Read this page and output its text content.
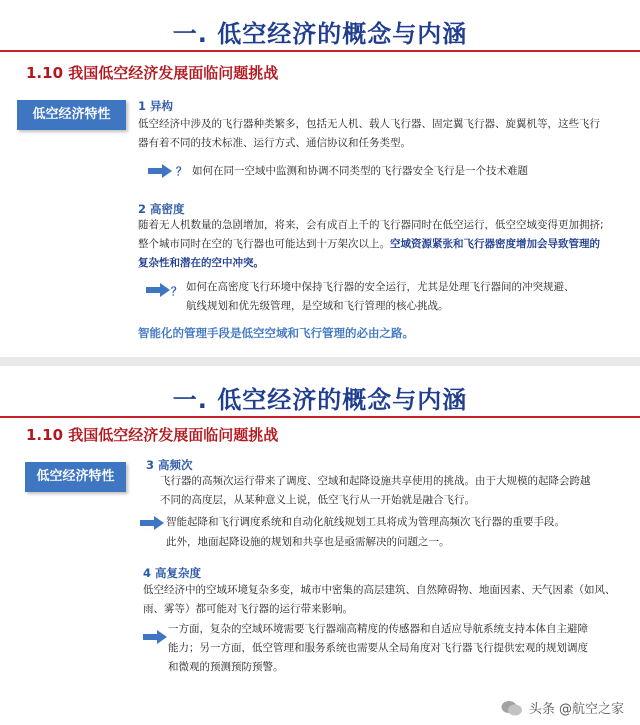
一. 低空经济的概念与内涵
1.10 我国低空经济发展面临问题挑战
低空经济特性
1 异构
低空经济中涉及的飞行器种类繁多，包括无人机、载人飞行器、固定翼飞行器、旋翼机等，这些飞行
器有着不同的技术标准、运行方式、通信协议和任务类型。
？ 如何在同一空域中监测和协调不同类型的飞行器安全飞行是一个技术难题
2 高密度
随着无人机数量的急剧增加，将来，会有成百上千的飞行器同时在低空运行，低空空域变得更加拥挤;
整个城市同时在空的飞行器也可能达到十万架次以上。空域资源紧张和飞行器密度增加会导致管理的
复杂性和潜在的空中冲突。
？ 如何在高密度飞行环境中保持飞行器的安全运行，尤其是处理飞行器间的冲突规避、
航线规划和优先级管理，是空域和飞行管理的核心挑战。
智能化的管理手段是低空空域和飞行管理的必由之路。
一. 低空经济的概念与内涵
1.10 我国低空经济发展面临问题挑战
低空经济特性
3 高频次
飞行器的高频次运行带来了调度、空域和起降设施共享使用的挑战。由于大规模的起降会跨越
不同的高度层，从某种意义上说，低空飞行从一开始就是融合飞行。
智能起降和飞行调度系统和自动化航线规划工具将成为管理高频次飞行器的重要手段。
此外，地面起降设施的规划和共享也是亟需解决的问题之一。
4 高复杂度
低空经济中的空域环境复杂多变，城市中密集的高层建筑、自然障碍物、地面因素、天气因素（如风、
雨、雾等）都可能对飞行器的运行带来影响。
一方面，复杂的空域环境需要飞行器端高精度的传感器和自适应导航系统支持本体自主避障
能力；另一方面，低空管理和服务系统也需要从全局角度对飞行器飞行提供宏观的规划调度
和微观的预测预防预警。
头条 @航空之家
